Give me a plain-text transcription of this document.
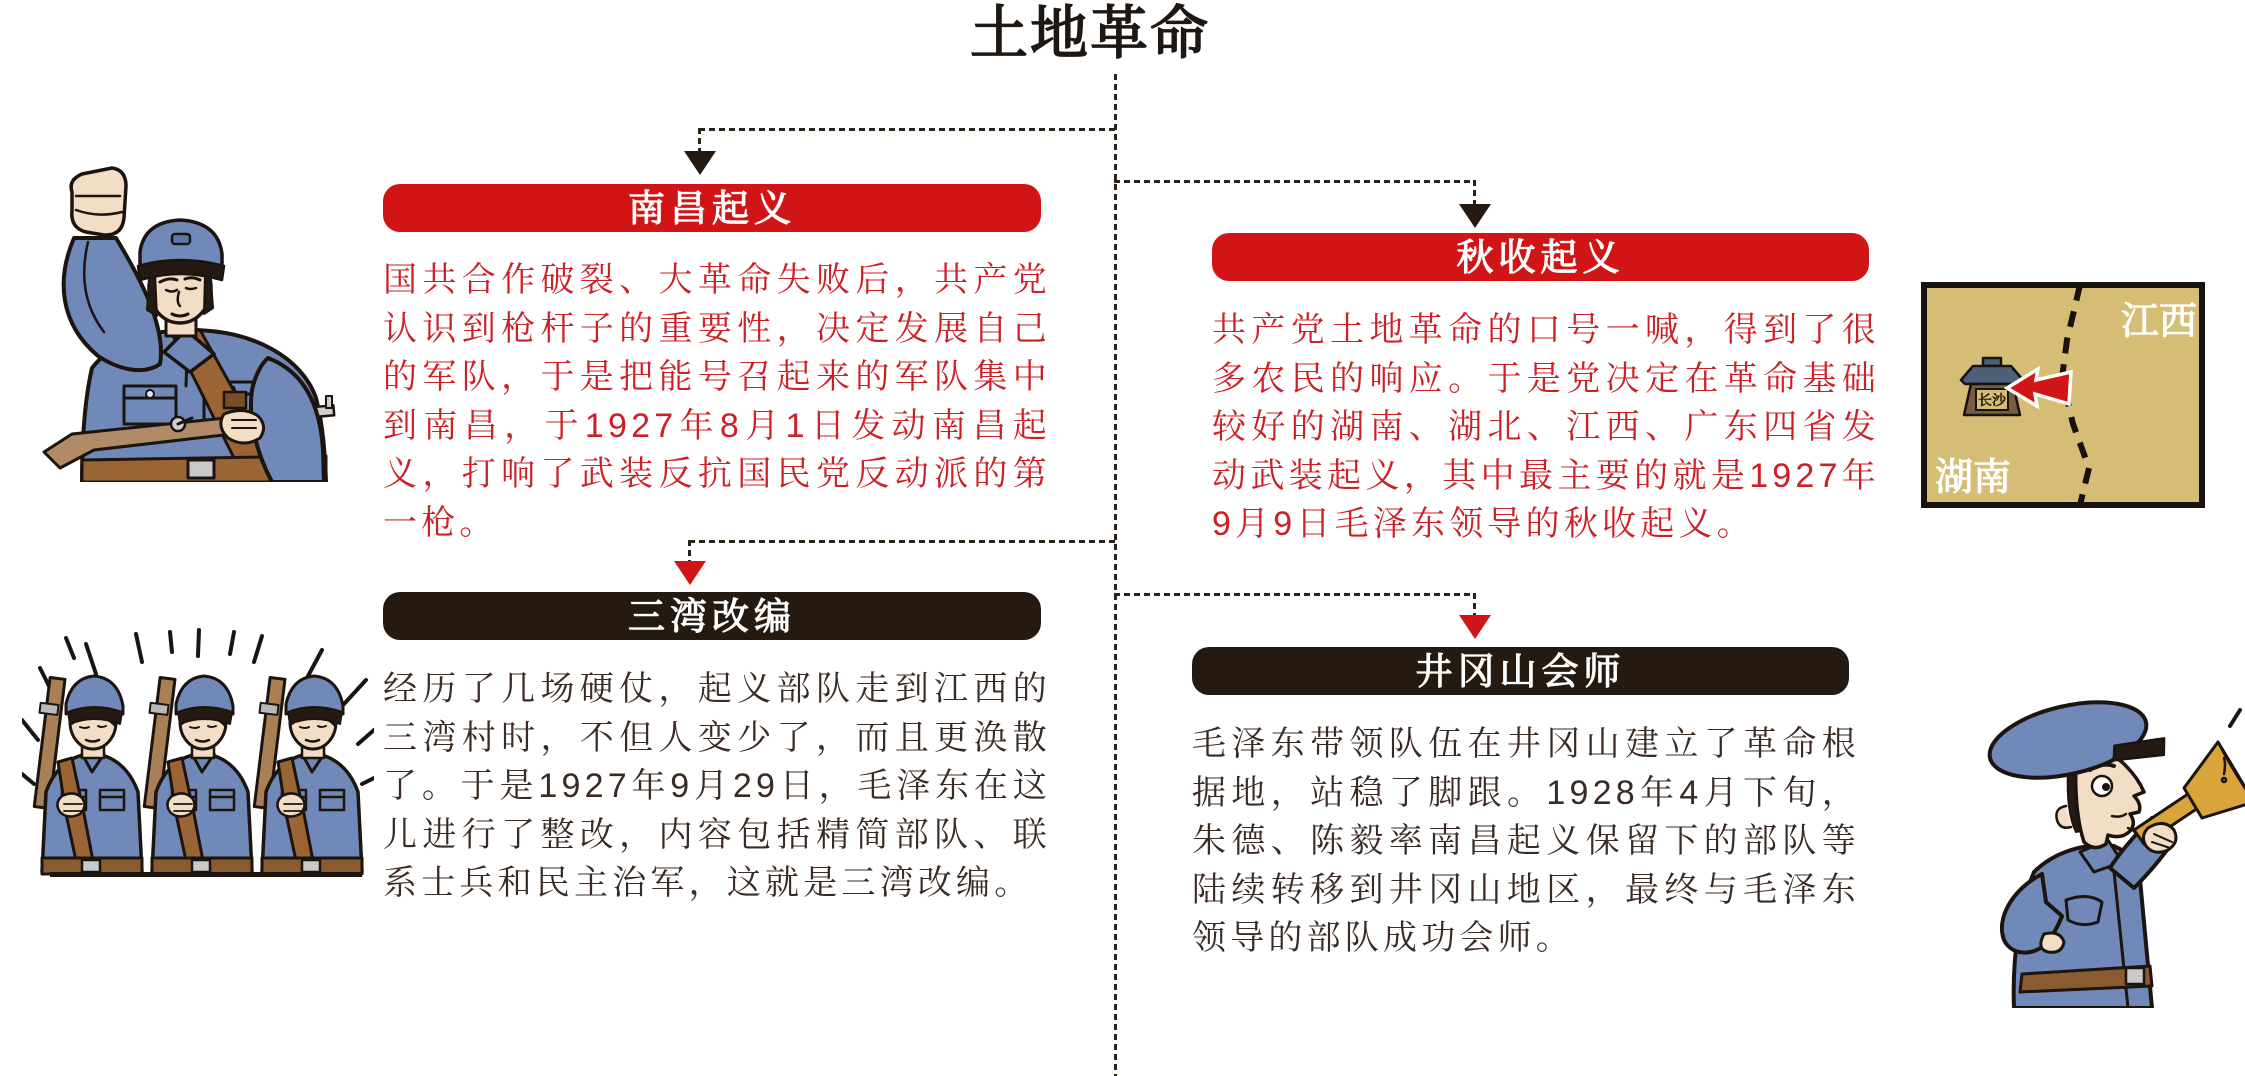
土地革命
南昌起义
国共合作破裂、大革命失败后，共产党认识到枪杆子的重要性，决定发展自己的军队，于是把能号召起来的军队集中到南昌，于1927年8月1日发动南昌起义，打响了武装反抗国民党反动派的第一枪。
秋收起义
共产党土地革命的口号一喊，得到了很多农民的响应。于是党决定在革命基础较好的湖南、湖北、江西、广东四省发动武装起义，其中最主要的就是1927年9月9日毛泽东领导的秋收起义。
三湾改编
经历了几场硬仗，起义部队走到江西的三湾村时，不但人变少了，而且更涣散了。于是1927年9月29日，毛泽东在这儿进行了整改，内容包括精简部队、联系士兵和民主治军，这就是三湾改编。
井冈山会师
毛泽东带领队伍在井冈山建立了革命根据地，站稳了脚跟。1928年4月下旬，朱德、陈毅率南昌起义保留下的部队等陆续转移到井冈山地区，最终与毛泽东领导的部队成功会师。
江西
湖南
长沙
